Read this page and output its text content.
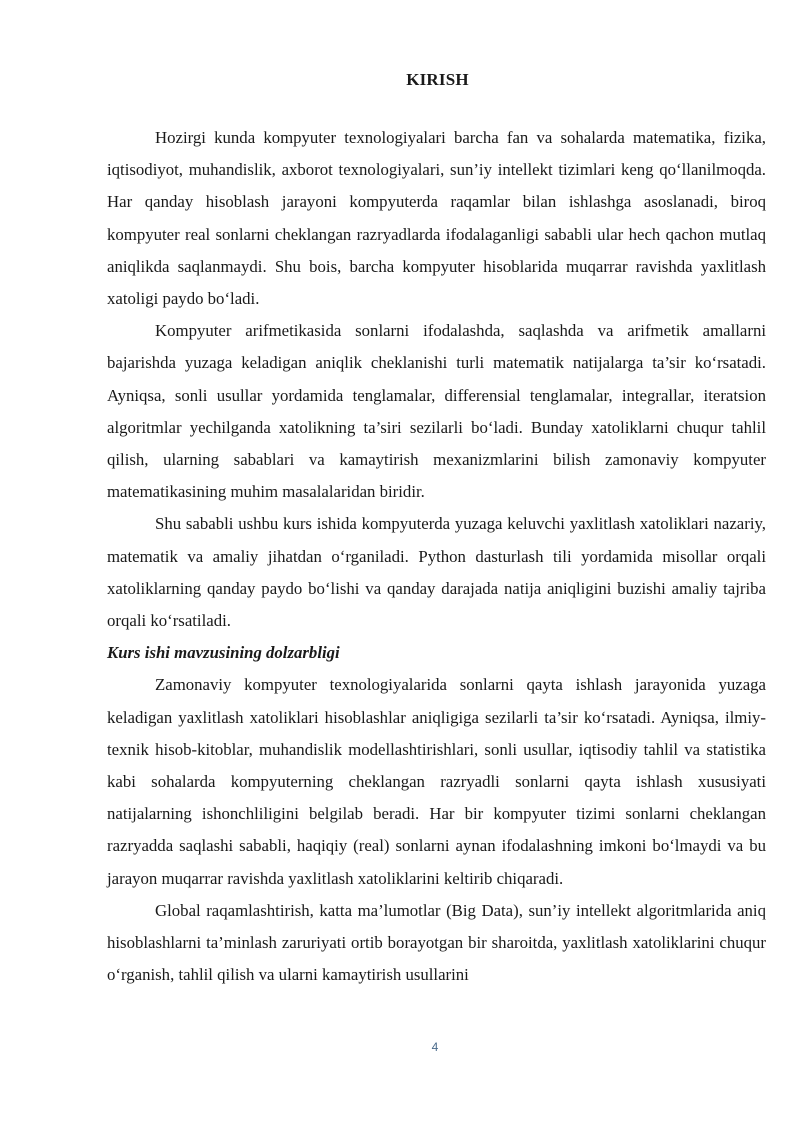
KIRISH

Hozirgi kunda kompyuter texnologiyalari barcha fan va sohalarda matematika, fizika, iqtisodiyot, muhandislik, axborot texnologiyalari, sun’iy intellekt tizimlari keng qo‘llanilmoqda. Har qanday hisoblash jarayoni kompyuterda raqamlar bilan ishlashga asoslanadi, biroq kompyuter real sonlarni cheklangan razryadlarda ifodalaganligi sababli ular hech qachon mutlaq aniqlikda saqlanmaydi. Shu bois, barcha kompyuter hisoblarida muqarrar ravishda yaxlitlash xatoligi paydo bo‘ladi.

Kompyuter arifmetikasida sonlarni ifodalashda, saqlashda va arifmetik amallarni bajarishda yuzaga keladigan aniqlik cheklanishi turli matematik natijalarga ta’sir ko‘rsatadi. Ayniqsa, sonli usullar yordamida tenglamalar, differensial tenglamalar, integrallar, iteratsion algoritmlar yechilganda xatolikning ta’siri sezilarli bo‘ladi. Bunday xatoliklarni chuqur tahlil qilish, ularning sabablari va kamaytirish mexanizmlarini bilish zamonaviy kompyuter matematikasining muhim masalalaridan biridir.

Shu sababli ushbu kurs ishida kompyuterda yuzaga keluvchi yaxlitlash xatoliklari nazariy, matematik va amaliy jihatdan o‘rganiladi. Python dasturlash tili yordamida misollar orqali xatoliklarning qanday paydo bo‘lishi va qanday darajada natija aniqligini buzishi amaliy tajriba orqali ko‘rsatiladi.

Kurs ishi mavzusining dolzarbligi

Zamonaviy kompyuter texnologiyalarida sonlarni qayta ishlash jarayonida yuzaga keladigan yaxlitlash xatoliklari hisoblashlar aniqligiga sezilarli ta’sir ko‘rsatadi. Ayniqsa, ilmiy-texnik hisob-kitoblar, muhandislik modellashtirishlari, sonli usullar, iqtisodiy tahlil va statistika kabi sohalarda kompyuterning cheklangan razryadli sonlarni qayta ishlash xususiyati natijalarning ishonchliligini belgilab beradi. Har bir kompyuter tizimi sonlarni cheklangan razryadda saqlashi sababli, haqiqiy (real) sonlarni aynan ifodalashning imkoni bo‘lmaydi va bu jarayon muqarrar ravishda yaxlitlash xatoliklarini keltirib chiqaradi.

Global raqamlashtirish, katta ma’lumotlar (Big Data), sun’iy intellekt algoritmlarida aniq hisoblashlarni ta’minlash zaruriyati ortib borayotgan bir sharoitda, yaxlitlash xatoliklarini chuqur o‘rganish, tahlil qilish va ularni kamaytirish usullarini

4
